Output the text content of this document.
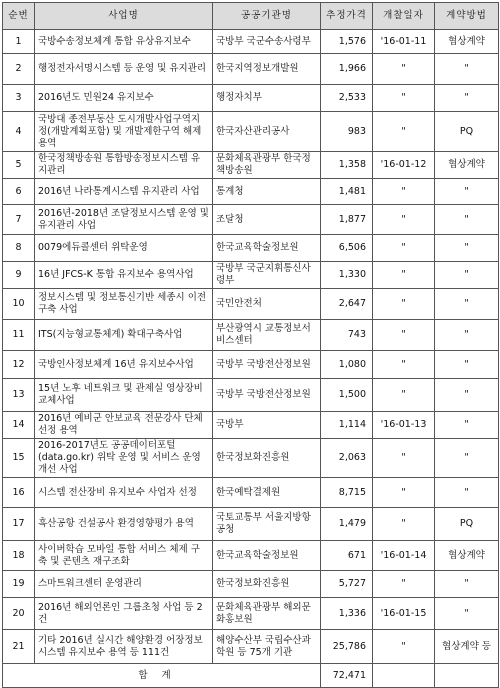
순번	사업명	공공기관명	추정가격	개찰일자	계약방법
1	국방수송정보체계 통합 유상유지보수	국방부 국군수송사령부	1,576	'16-01-11	협상계약
2	행정전자서명시스템 등 운영 및 유지관리	한국지역정보개발원	1,966	"	"
3	2016년도 민원24 유지보수	행정자치부	2,533	"	"
4	국방대 종전부동산 도시개발사업구역지정(개발계획포함) 및 개발제한구역 해제용역	한국자산관리공사	983	"	PQ
5	한국정책방송원 통합방송정보시스템 유지관리	문화체육관광부 한국정책방송원	1,358	'16-01-12	협상계약
6	2016년 나라통계시스템 유지관리 사업	통계청	1,481	"	"
7	2016년-2018년 조달정보시스템 운영 및 유지관리 사업	조달청	1,877	"	"
8	0079에듀콜센터 위탁운영	한국교육학술정보원	6,506	"	"
9	16년 JFCS-K 통합 유지보수 용역사업	국방부 국군지휘통신사령부	1,330	"	"
10	정보시스템 및 정보통신기반 세종시 이전 구축 사업	국민안전처	2,647	"	"
11	ITS(지능형교통체계) 확대구축사업	부산광역시 교통정보서비스센터	743	"	"
12	국방인사정보체계 16년 유지보수사업	국방부 국방전산정보원	1,080	"	"
13	15년 노후 네트워크 및 관제실 영상장비 교체사업	국방부 국방전산정보원	1,500	"	"
14	2016년 예비군 안보교육 전문강사 단체선정 용역	국방부	1,114	'16-01-13	"
15	2016-2017년도 공공데이터포털(data.go.kr) 위탁 운영 및 서비스 운영 개선 사업	한국정보화진흥원	2,063	"	"
16	시스템 전산장비 유지보수 사업자 선정	한국예탁결제원	8,715	"	"
17	흑산공항 건설공사 환경영향평가 용역	국토교통부 서울지방항공청	1,479	"	PQ
18	사이버학습 모바일 통합 서비스 체제 구축 및 콘텐츠 재구조화	한국교육학술정보원	671	'16-01-14	협상계약
19	스마트워크센터 운영관리	한국정보화진흥원	5,727	"	"
20	2016년 해외언론인 그룹초청 사업 등 2건	문화체육관광부 해외문화홍보원	1,336	'16-01-15	"
21	기타 2016년 실시간 해양환경 어장정보시스템 유지보수 용역 등 111건	해양수산부 국립수산과학원 등 75개 기관	25,786	"	협상계약 등
합계			72,471		
